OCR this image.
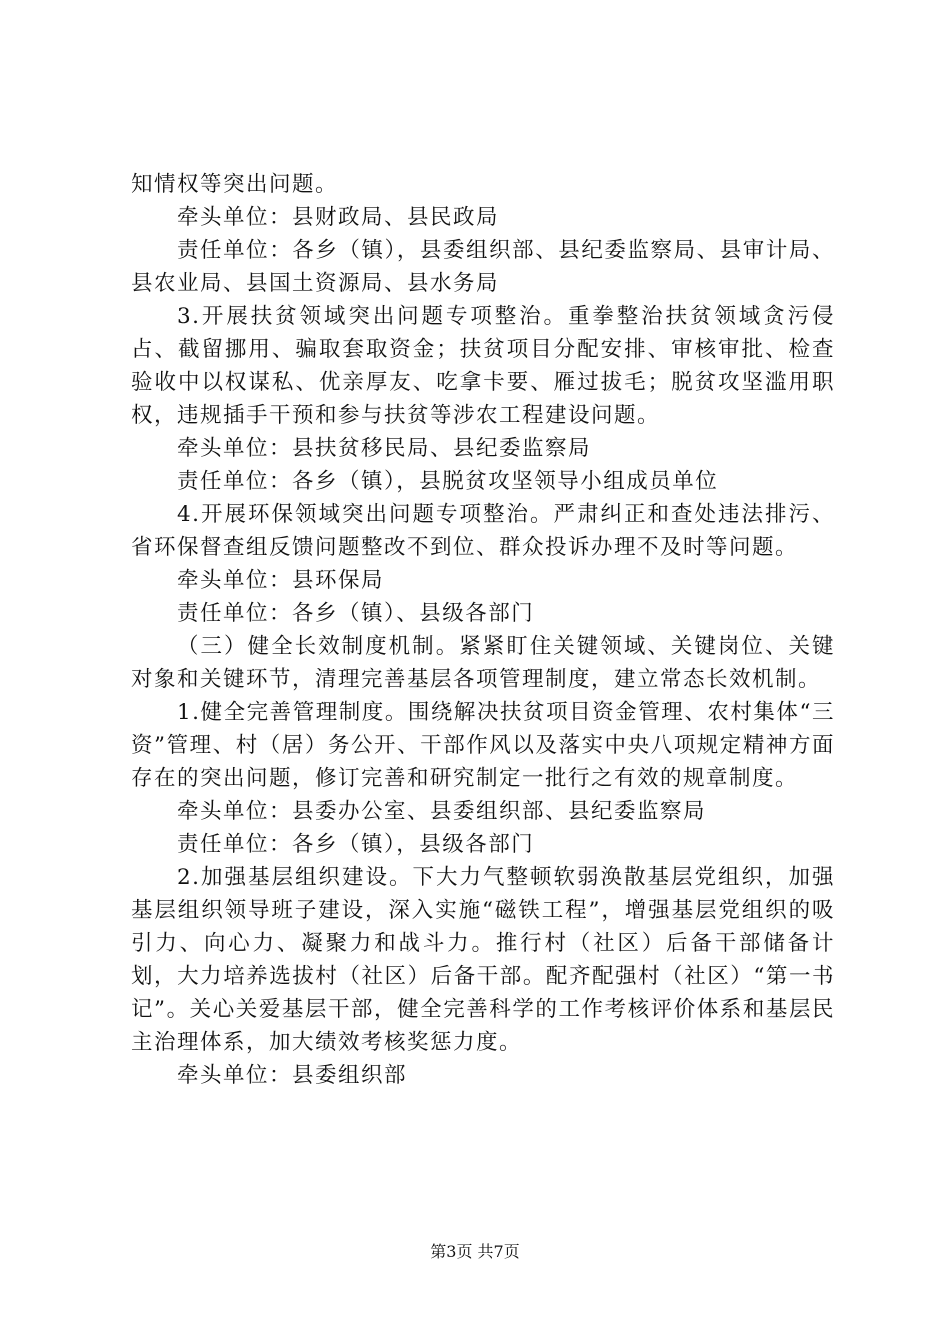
知情权等突出问题。

牵头单位：县财政局、县民政局

责任单位：各乡（镇），县委组织部、县纪委监察局、县审计局、县农业局、县国土资源局、县水务局

3.开展扶贫领域突出问题专项整治。重拳整治扶贫领域贪污侵占、截留挪用、骗取套取资金；扶贫项目分配安排、审核审批、检查验收中以权谋私、优亲厚友、吃拿卡要、雁过拔毛；脱贫攻坚滥用职权，违规插手干预和参与扶贫等涉农工程建设问题。

牵头单位：县扶贫移民局、县纪委监察局

责任单位：各乡（镇），县脱贫攻坚领导小组成员单位

4.开展环保领域突出问题专项整治。严肃纠正和查处违法排污、省环保督查组反馈问题整改不到位、群众投诉办理不及时等问题。

牵头单位：县环保局

责任单位：各乡（镇）、县级各部门

（三）健全长效制度机制。紧紧盯住关键领域、关键岗位、关键对象和关键环节，清理完善基层各项管理制度，建立常态长效机制。

1.健全完善管理制度。围绕解决扶贫项目资金管理、农村集体“三资”管理、村（居）务公开、干部作风以及落实中央八项规定精神方面存在的突出问题，修订完善和研究制定一批行之有效的规章制度。

牵头单位：县委办公室、县委组织部、县纪委监察局

责任单位：各乡（镇），县级各部门

2.加强基层组织建设。下大力气整顿软弱涣散基层党组织，加强基层组织领导班子建设，深入实施“磁铁工程”，增强基层党组织的吸引力、向心力、凝聚力和战斗力。推行村（社区）后备干部储备计划，大力培养选拔村（社区）后备干部。配齐配强村（社区）“第一书记”。关心关爱基层干部，健全完善科学的工作考核评价体系和基层民主治理体系，加大绩效考核奖惩力度。

牵头单位：县委组织部

第3页 共7页
